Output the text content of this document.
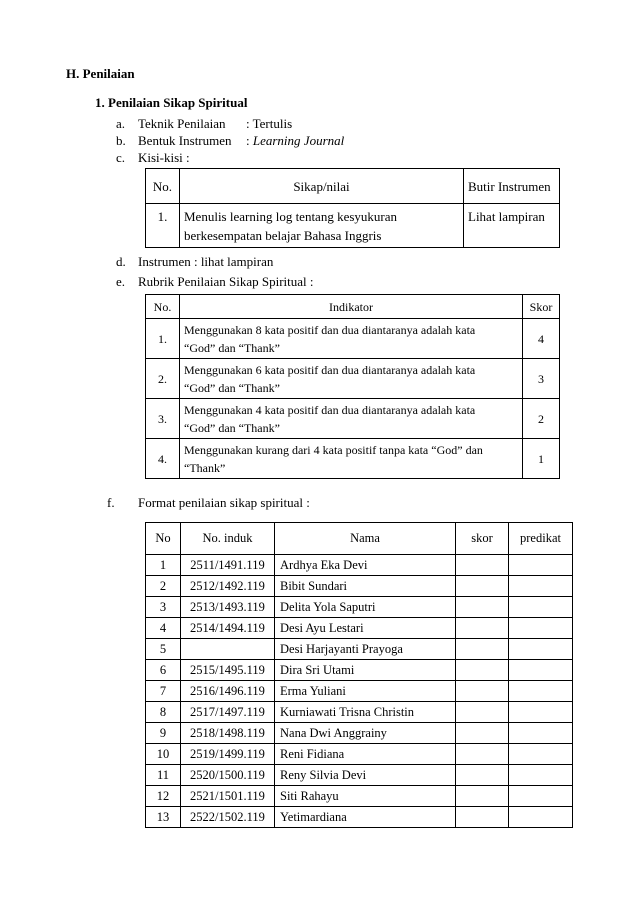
H. Penilaian
1. Penilaian Sikap Spiritual
a. Teknik Penilaian : Tertulis
b. Bentuk Instrumen : Learning Journal
c. Kisi-kisi :
No.	Sikap/nilai	Butir Instrumen
1.	Menulis learning log tentang kesyukuran
berkesempatan belajar Bahasa Inggris	Lihat lampiran
d. Instrumen : lihat lampiran
e. Rubrik Penilaian Sikap Spiritual :
No.	Indikator	Skor
1.	Menggunakan 8 kata positif dan dua diantaranya adalah kata
“God” dan “Thank”	4
2.	Menggunakan 6 kata positif dan dua diantaranya adalah kata
“God” dan “Thank”	3
3.	Menggunakan 4 kata positif dan dua diantaranya adalah kata
“God” dan “Thank”	2
4.	Menggunakan kurang dari 4 kata positif tanpa kata “God” dan
“Thank”	1
f. Format penilaian sikap spiritual :
No	No. induk	Nama	skor	predikat
1	2511/1491.119	Ardhya Eka Devi		
2	2512/1492.119	Bibit Sundari		
3	2513/1493.119	Delita Yola Saputri		
4	2514/1494.119	Desi Ayu Lestari		
5		Desi Harjayanti Prayoga		
6	2515/1495.119	Dira Sri Utami		
7	2516/1496.119	Erma Yuliani		
8	2517/1497.119	Kurniawati Trisna Christin		
9	2518/1498.119	Nana Dwi Anggrainy		
10	2519/1499.119	Reni Fidiana		
11	2520/1500.119	Reny Silvia Devi		
12	2521/1501.119	Siti Rahayu		
13	2522/1502.119	Yetimardiana		
